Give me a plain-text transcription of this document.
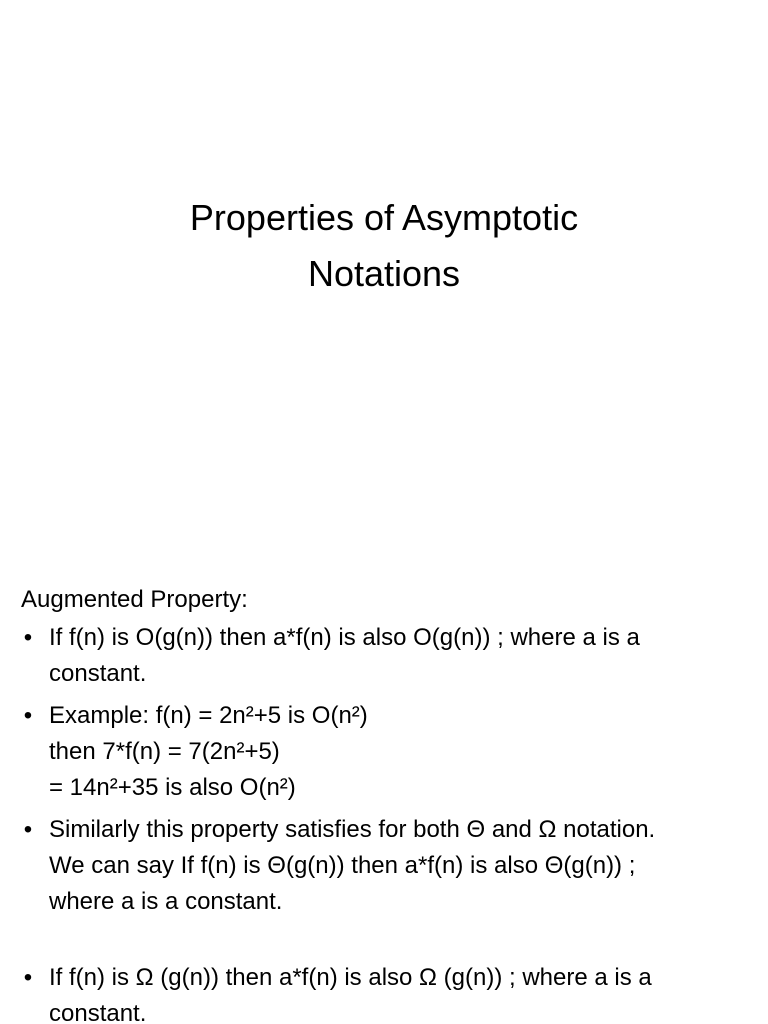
Properties of Asymptotic
Notations
Augmented Property:
• If f(n) is O(g(n)) then a*f(n) is also O(g(n)) ; where a is a
constant.
• Example: f(n) = 2n²+5 is O(n²)
then 7*f(n) = 7(2n²+5)
= 14n²+35 is also O(n²)
• Similarly this property satisfies for both Θ and Ω notation.
We can say If f(n) is Θ(g(n)) then a*f(n) is also Θ(g(n)) ;
where a is a constant.
• If f(n) is Ω (g(n)) then a*f(n) is also Ω (g(n)) ; where a is a
constant.
